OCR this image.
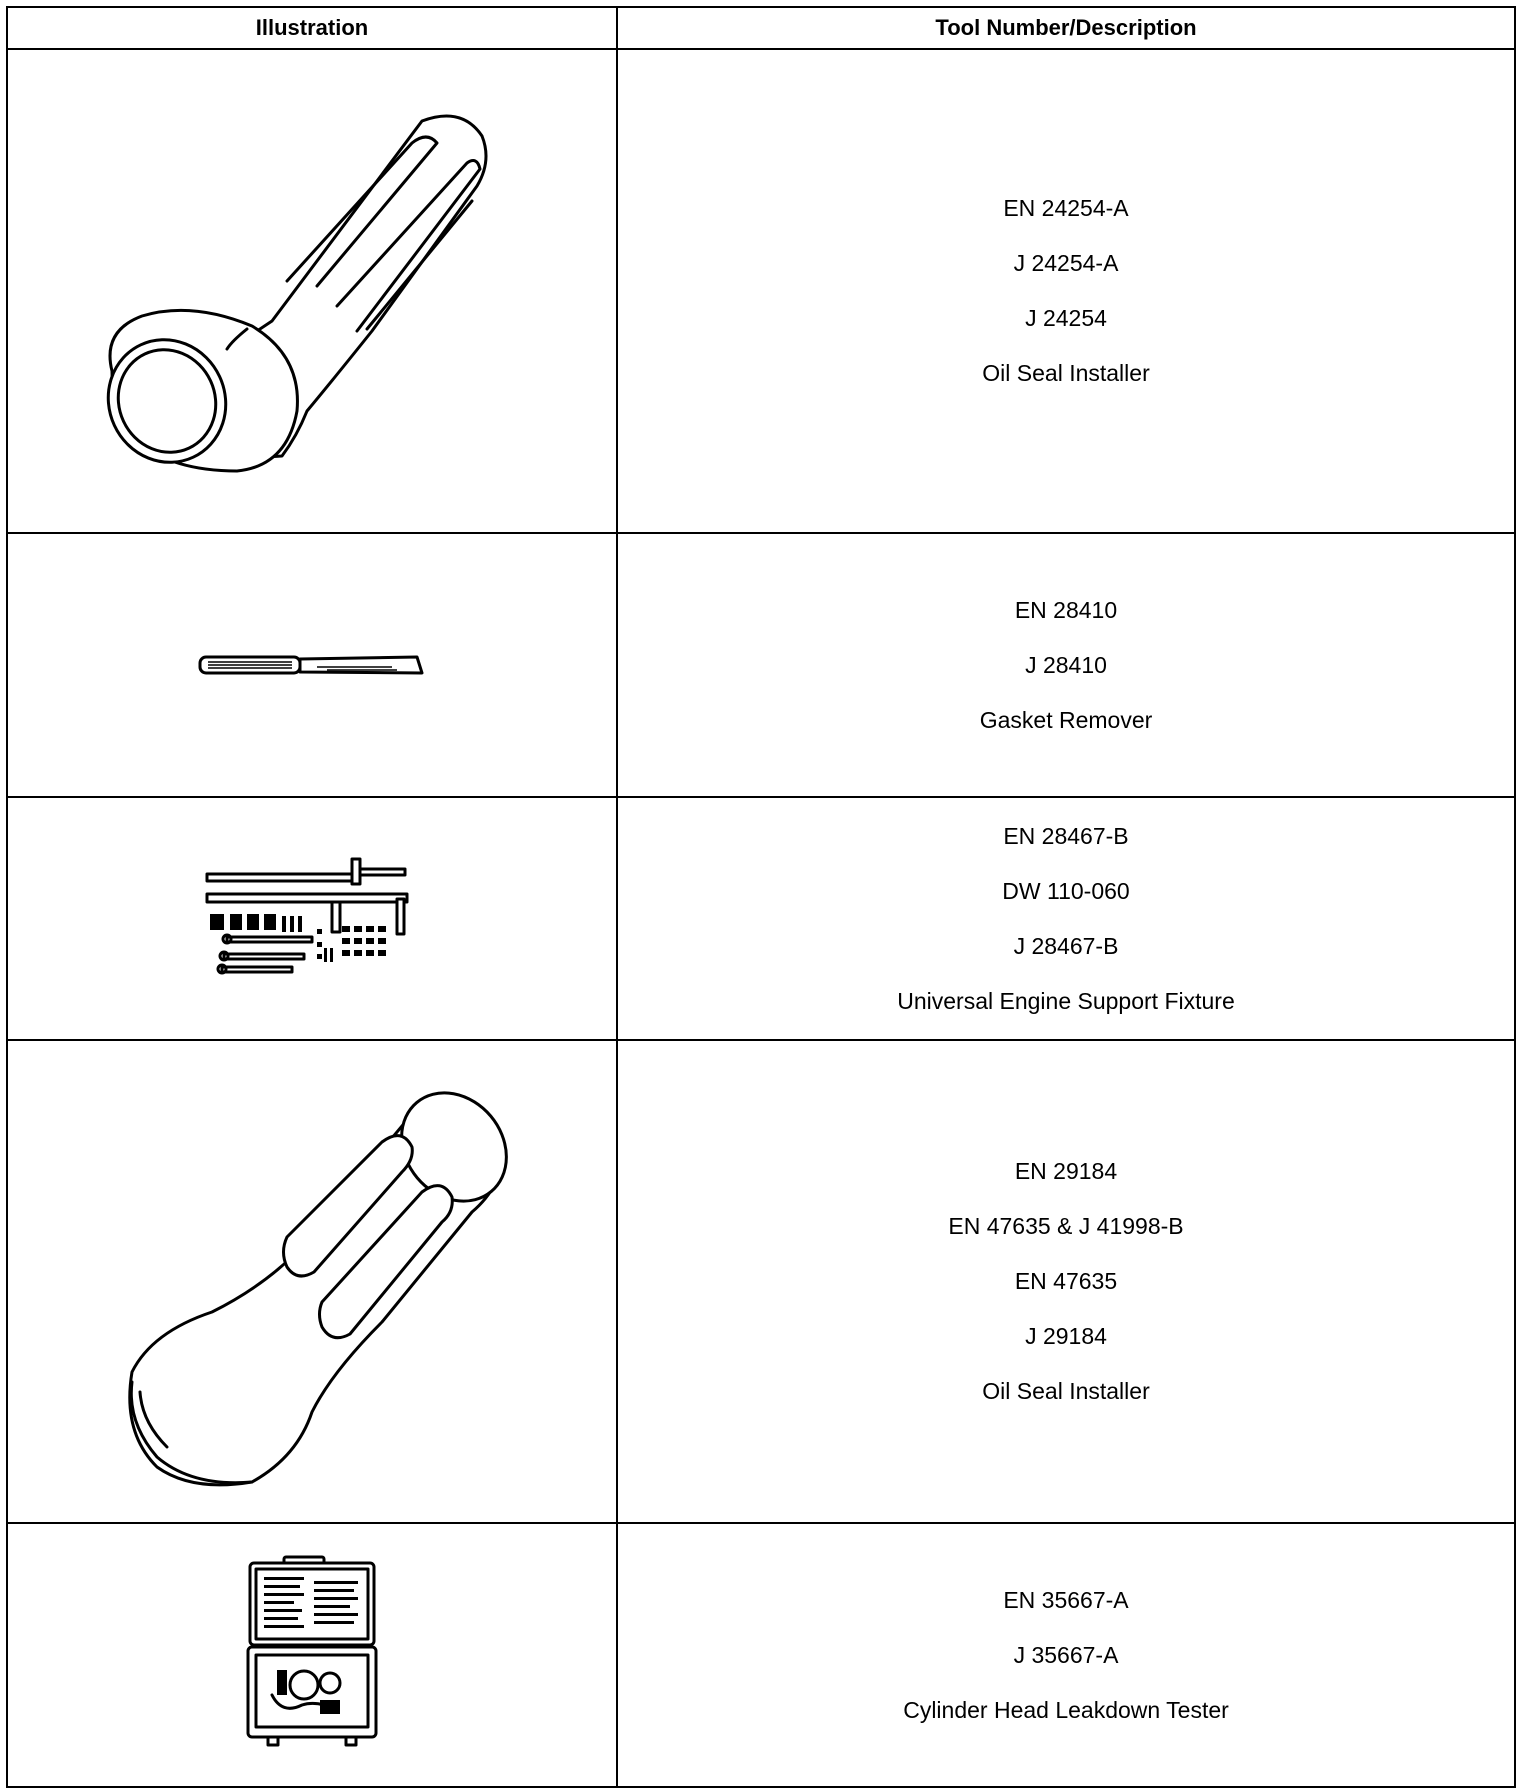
Illustration	Tool Number/Description

EN 24254-A
J 24254-A
J 24254
Oil Seal Installer

EN 28410
J 28410
Gasket Remover

EN 28467-B
DW 110-060
J 28467-B
Universal Engine Support Fixture

EN 29184
EN 47635 & J 41998-B
EN 47635
J 29184
Oil Seal Installer

EN 35667-A
J 35667-A
Cylinder Head Leakdown Tester
